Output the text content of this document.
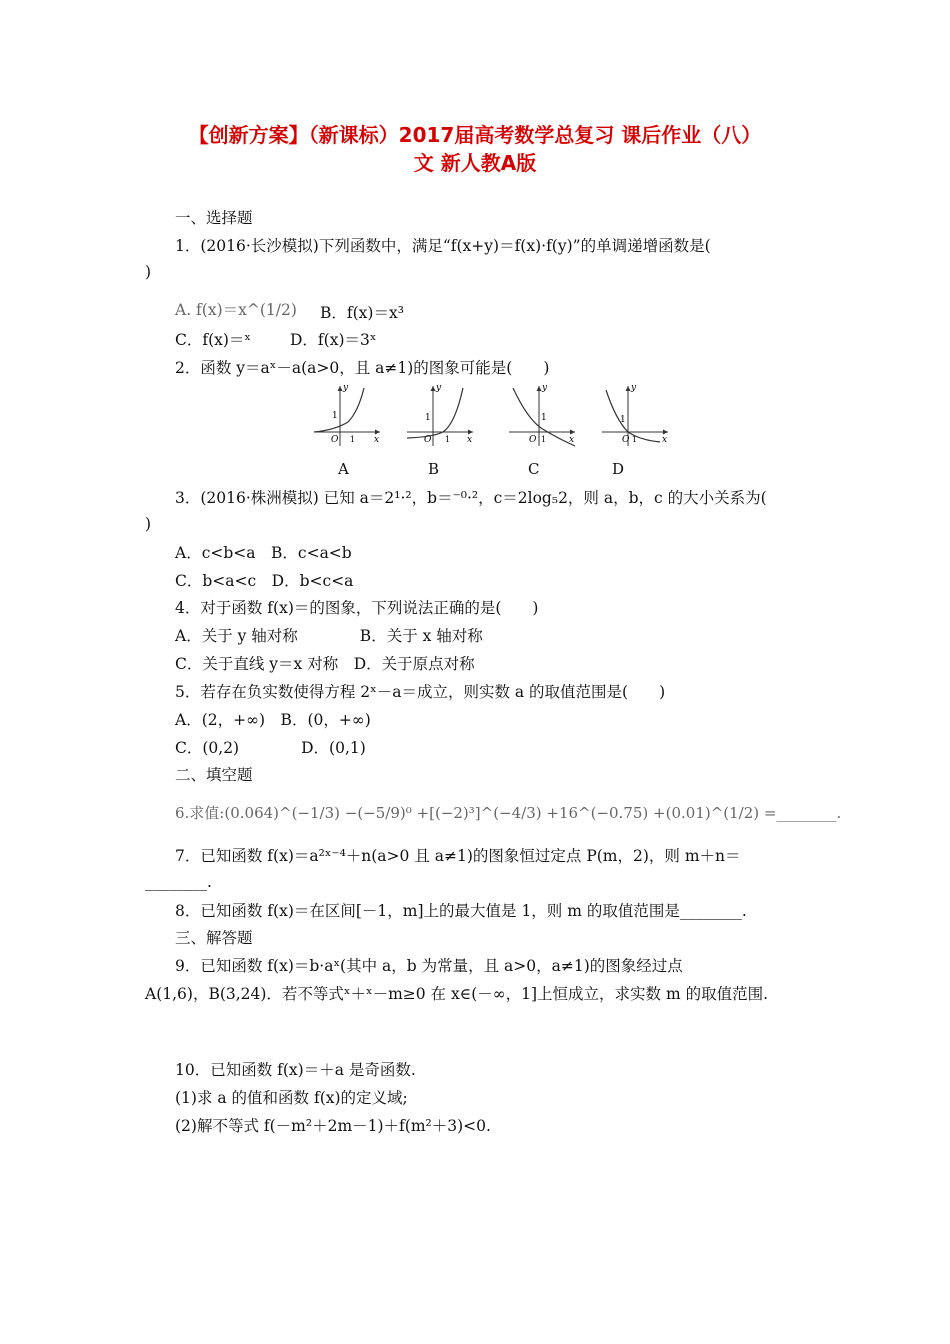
【创新方案】（新课标）2017届高考数学总复习 课后作业（八）
文 新人教A版
一、选择题
1．(2016·长沙模拟)下列函数中，满足“f(x+y)＝f(x)·f(y)”的单调递增函数是(
)
A. f(x)＝x^(1/2) B．f(x)＝x³
C．f(x)＝ˣ	D．f(x)＝3ˣ
2．函数 y＝aˣ－a(a>0，且 a≠1)的图象可能是(　　)
y
x
O 1
1
A
y
x
O 1
1
B
y
x
O 1
1
C
y
x
O 1
1
D
3．(2016·株洲模拟) 已知 a＝2¹·²，b＝⁻⁰·²，c＝2log₅2，则 a，b，c 的大小关系为(
)
A．c<b<a　B．c<a<b
C．b<a<c　D．b<c<a
4．对于函数 f(x)＝的图象，下列说法正确的是(　　)
A．关于 y 轴对称　　　　B．关于 x 轴对称
C．关于直线 y＝x 对称　D．关于原点对称
5．若存在负实数使得方程 2ˣ－a＝成立，则实数 a 的取值范围是(　　)
A．(2，+∞)　B．(0，+∞)
C．(0,2)　　　　D．(0,1)
二、填空题
6.求值:(0.064)^(−1/3) −(−5/9)⁰ +[(−2)³]^(−4/3) +16^(−0.75) +(0.01)^(1/2) =________.
7．已知函数 f(x)＝a²ˣ⁻⁴＋n(a>0 且 a≠1)的图象恒过定点 P(m，2)，则 m＋n＝
________.
8．已知函数 f(x)＝在区间[－1，m]上的最大值是 1，则 m 的取值范围是________.
三、解答题
9．已知函数 f(x)＝b·aˣ(其中 a，b 为常量，且 a>0，a≠1)的图象经过点
A(1,6)，B(3,24)．若不等式ˣ＋ˣ－m≥0 在 x∈(－∞，1]上恒成立，求实数 m 的取值范围.
10．已知函数 f(x)＝＋a 是奇函数.
(1)求 a 的值和函数 f(x)的定义域;
(2)解不等式 f(－m²＋2m－1)＋f(m²＋3)<0.
